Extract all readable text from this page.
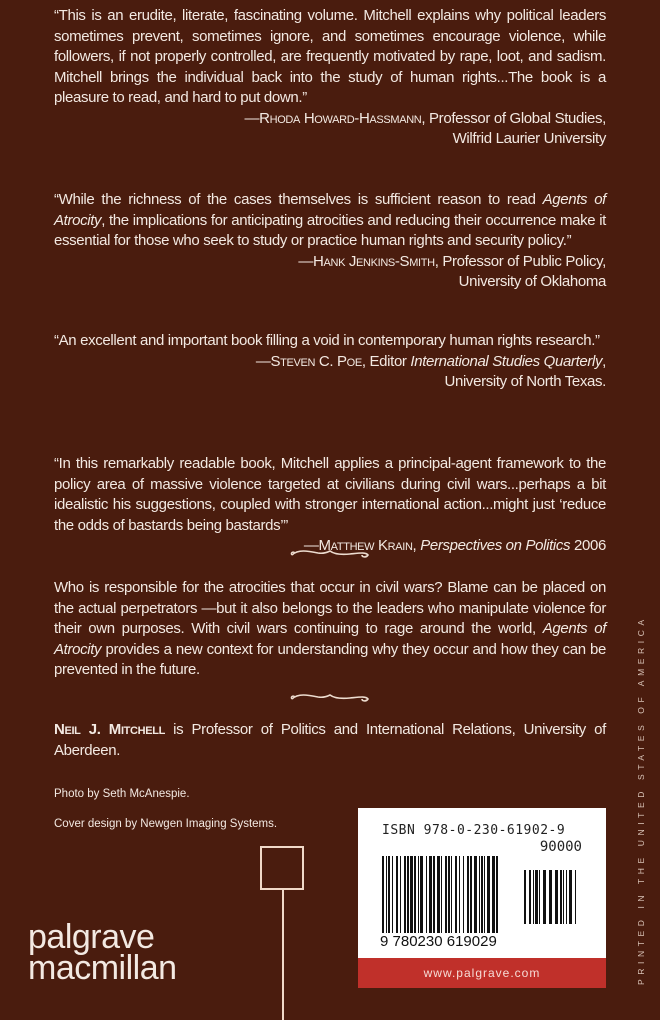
“This is an erudite, literate, fascinating volume. Mitchell explains why political leaders sometimes prevent, sometimes ignore, and sometimes encourage violence, while followers, if not properly controlled, are frequently motivated by rape, loot, and sadism. Mitchell brings the individual back into the study of human rights...The book is a pleasure to read, and hard to put down.”

—Rhoda Howard-Hassmann, Professor of Global Studies,
Wilfrid Laurier University

“While the richness of the cases themselves is sufficient reason to read Agents of Atrocity, the implications for anticipating atrocities and reducing their occurrence make it essential for those who seek to study or practice human rights and security policy.”

—Hank Jenkins-Smith, Professor of Public Policy,
University of Oklahoma

“An excellent and important book filling a void in contemporary human rights research.”

—Steven C. Poe, Editor International Studies Quarterly,
University of North Texas.

“In this remarkably readable book, Mitchell applies a principal-agent framework to the policy area of massive violence targeted at civilians during civil wars...perhaps a bit idealistic his suggestions, coupled with stronger international action...might just ‘reduce the odds of bastards being bastards’”

—Matthew Krain, Perspectives on Politics 2006

Who is responsible for the atrocities that occur in civil wars? Blame can be placed on the actual perpetrators —but it also belongs to the leaders who manipulate violence for their own purposes. With civil wars continuing to rage around the world, Agents of Atrocity provides a new context for understanding why they occur and how they can be prevented in the future.

Neil J. Mitchell is Professor of Politics and International Relations, University of Aberdeen.

Photo by Seth McAnespie.
Cover design by Newgen Imaging Systems.
palgrave
macmillan
ISBN 978-0-230-61902-9
90000
9 780230 619029
www.palgrave.com	PRINTED IN THE UNITED STATES OF AMERICA
